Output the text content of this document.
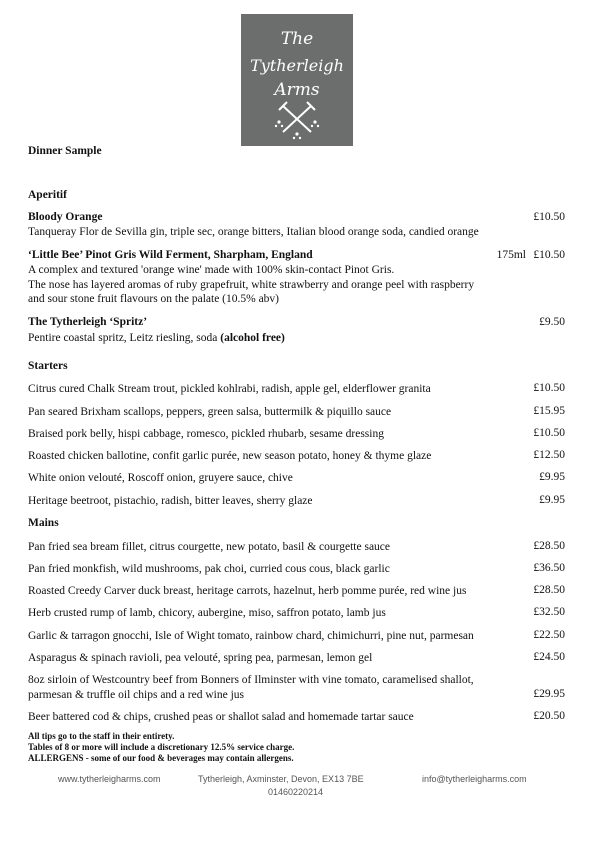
The
Tytherleigh
Arms
Dinner Sample
Aperitif
Bloody Orange	£10.50
Tanqueray Flor de Sevilla gin, triple sec, orange bitters, Italian blood orange soda, candied orange
‘Little Bee’ Pinot Gris Wild Ferment, Sharpham, England	175ml £10.50
A complex and textured 'orange wine' made with 100% skin-contact Pinot Gris.
The nose has layered aromas of ruby grapefruit, white strawberry and orange peel with raspberry
and sour stone fruit flavours on the palate (10.5% abv)
The Tytherleigh ‘Spritz’	£9.50
Pentire coastal spritz, Leitz riesling, soda (alcohol free)
Starters
Citrus cured Chalk Stream trout, pickled kohlrabi, radish, apple gel, elderflower granita	£10.50
Pan seared Brixham scallops, peppers, green salsa, buttermilk & piquillo sauce	£15.95
Braised pork belly, hispi cabbage, romesco, pickled rhubarb, sesame dressing	£10.50
Roasted chicken ballotine, confit garlic purée, new season potato, honey & thyme glaze	£12.50
White onion velouté, Roscoff onion, gruyere sauce, chive	£9.95
Heritage beetroot, pistachio, radish, bitter leaves, sherry glaze	£9.95
Mains
Pan fried sea bream fillet, citrus courgette, new potato, basil & courgette sauce	£28.50
Pan fried monkfish, wild mushrooms, pak choi, curried cous cous, black garlic	£36.50
Roasted Creedy Carver duck breast, heritage carrots, hazelnut, herb pomme purée, red wine jus	£28.50
Herb crusted rump of lamb, chicory, aubergine, miso, saffron potato, lamb jus	£32.50
Garlic & tarragon gnocchi, Isle of Wight tomato, rainbow chard, chimichurri, pine nut, parmesan	£22.50
Asparagus & spinach ravioli, pea velouté, spring pea, parmesan, lemon gel	£24.50
8oz sirloin of Westcountry beef from Bonners of Ilminster with vine tomato, caramelised shallot,
parmesan & truffle oil chips and a red wine jus	£29.95
Beer battered cod & chips, crushed peas or shallot salad and homemade tartar sauce	£20.50
All tips go to the staff in their entirety.
Tables of 8 or more will include a discretionary 12.5% service charge.
ALLERGENS - some of our food & beverages may contain allergens.
www.tytherleigharms.com	Tytherleigh, Axminster, Devon, EX13 7BE	info@tytherleigharms.com
01460220214
